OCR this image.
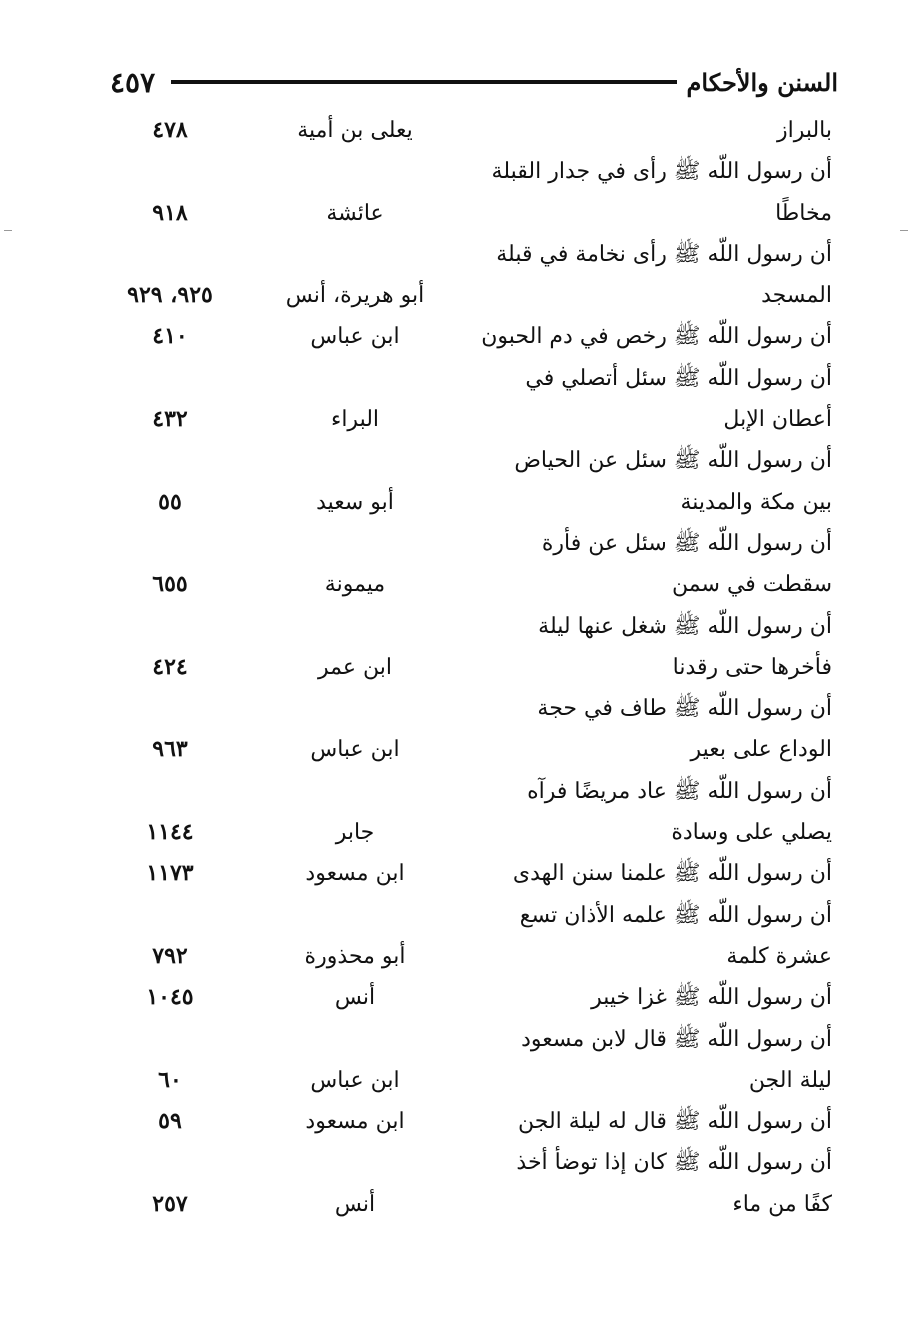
٤٥٧	السنن والأحكام
بالبراز
يعلى بن أمية
٤٧٨
أن رسول اللّه ﷺ رأى في جدار القبلة
مخاطًا
عائشة
٩١٨
أن رسول اللّه ﷺ رأى نخامة في قبلة
المسجد
أبو هريرة، أنس
٩٢٥، ٩٢٩
أن رسول اللّه ﷺ رخص في دم الحبون
ابن عباس
٤١٠
أن رسول اللّه ﷺ سئل أتصلي في
أعطان الإبل
البراء
٤٣٢
أن رسول اللّه ﷺ سئل عن الحياض
بين مكة والمدينة
أبو سعيد
٥٥
أن رسول اللّه ﷺ سئل عن فأرة
سقطت في سمن
ميمونة
٦٥٥
أن رسول اللّه ﷺ شغل عنها ليلة
فأخرها حتى رقدنا
ابن عمر
٤٢٤
أن رسول اللّه ﷺ طاف في حجة
الوداع على بعير
ابن عباس
٩٦٣
أن رسول اللّه ﷺ عاد مريضًا فرآه
يصلي على وسادة
جابر
١١٤٤
أن رسول اللّه ﷺ علمنا سنن الهدى
ابن مسعود
١١٧٣
أن رسول اللّه ﷺ علمه الأذان تسع
عشرة كلمة
أبو محذورة
٧٩٢
أن رسول اللّه ﷺ غزا خيبر
أنس
١٠٤٥
أن رسول اللّه ﷺ قال لابن مسعود
ليلة الجن
ابن عباس
٦٠
أن رسول اللّه ﷺ قال له ليلة الجن
ابن مسعود
٥٩
أن رسول اللّه ﷺ كان إذا توضأ أخذ
كفًا من ماء
أنس
٢٥٧
